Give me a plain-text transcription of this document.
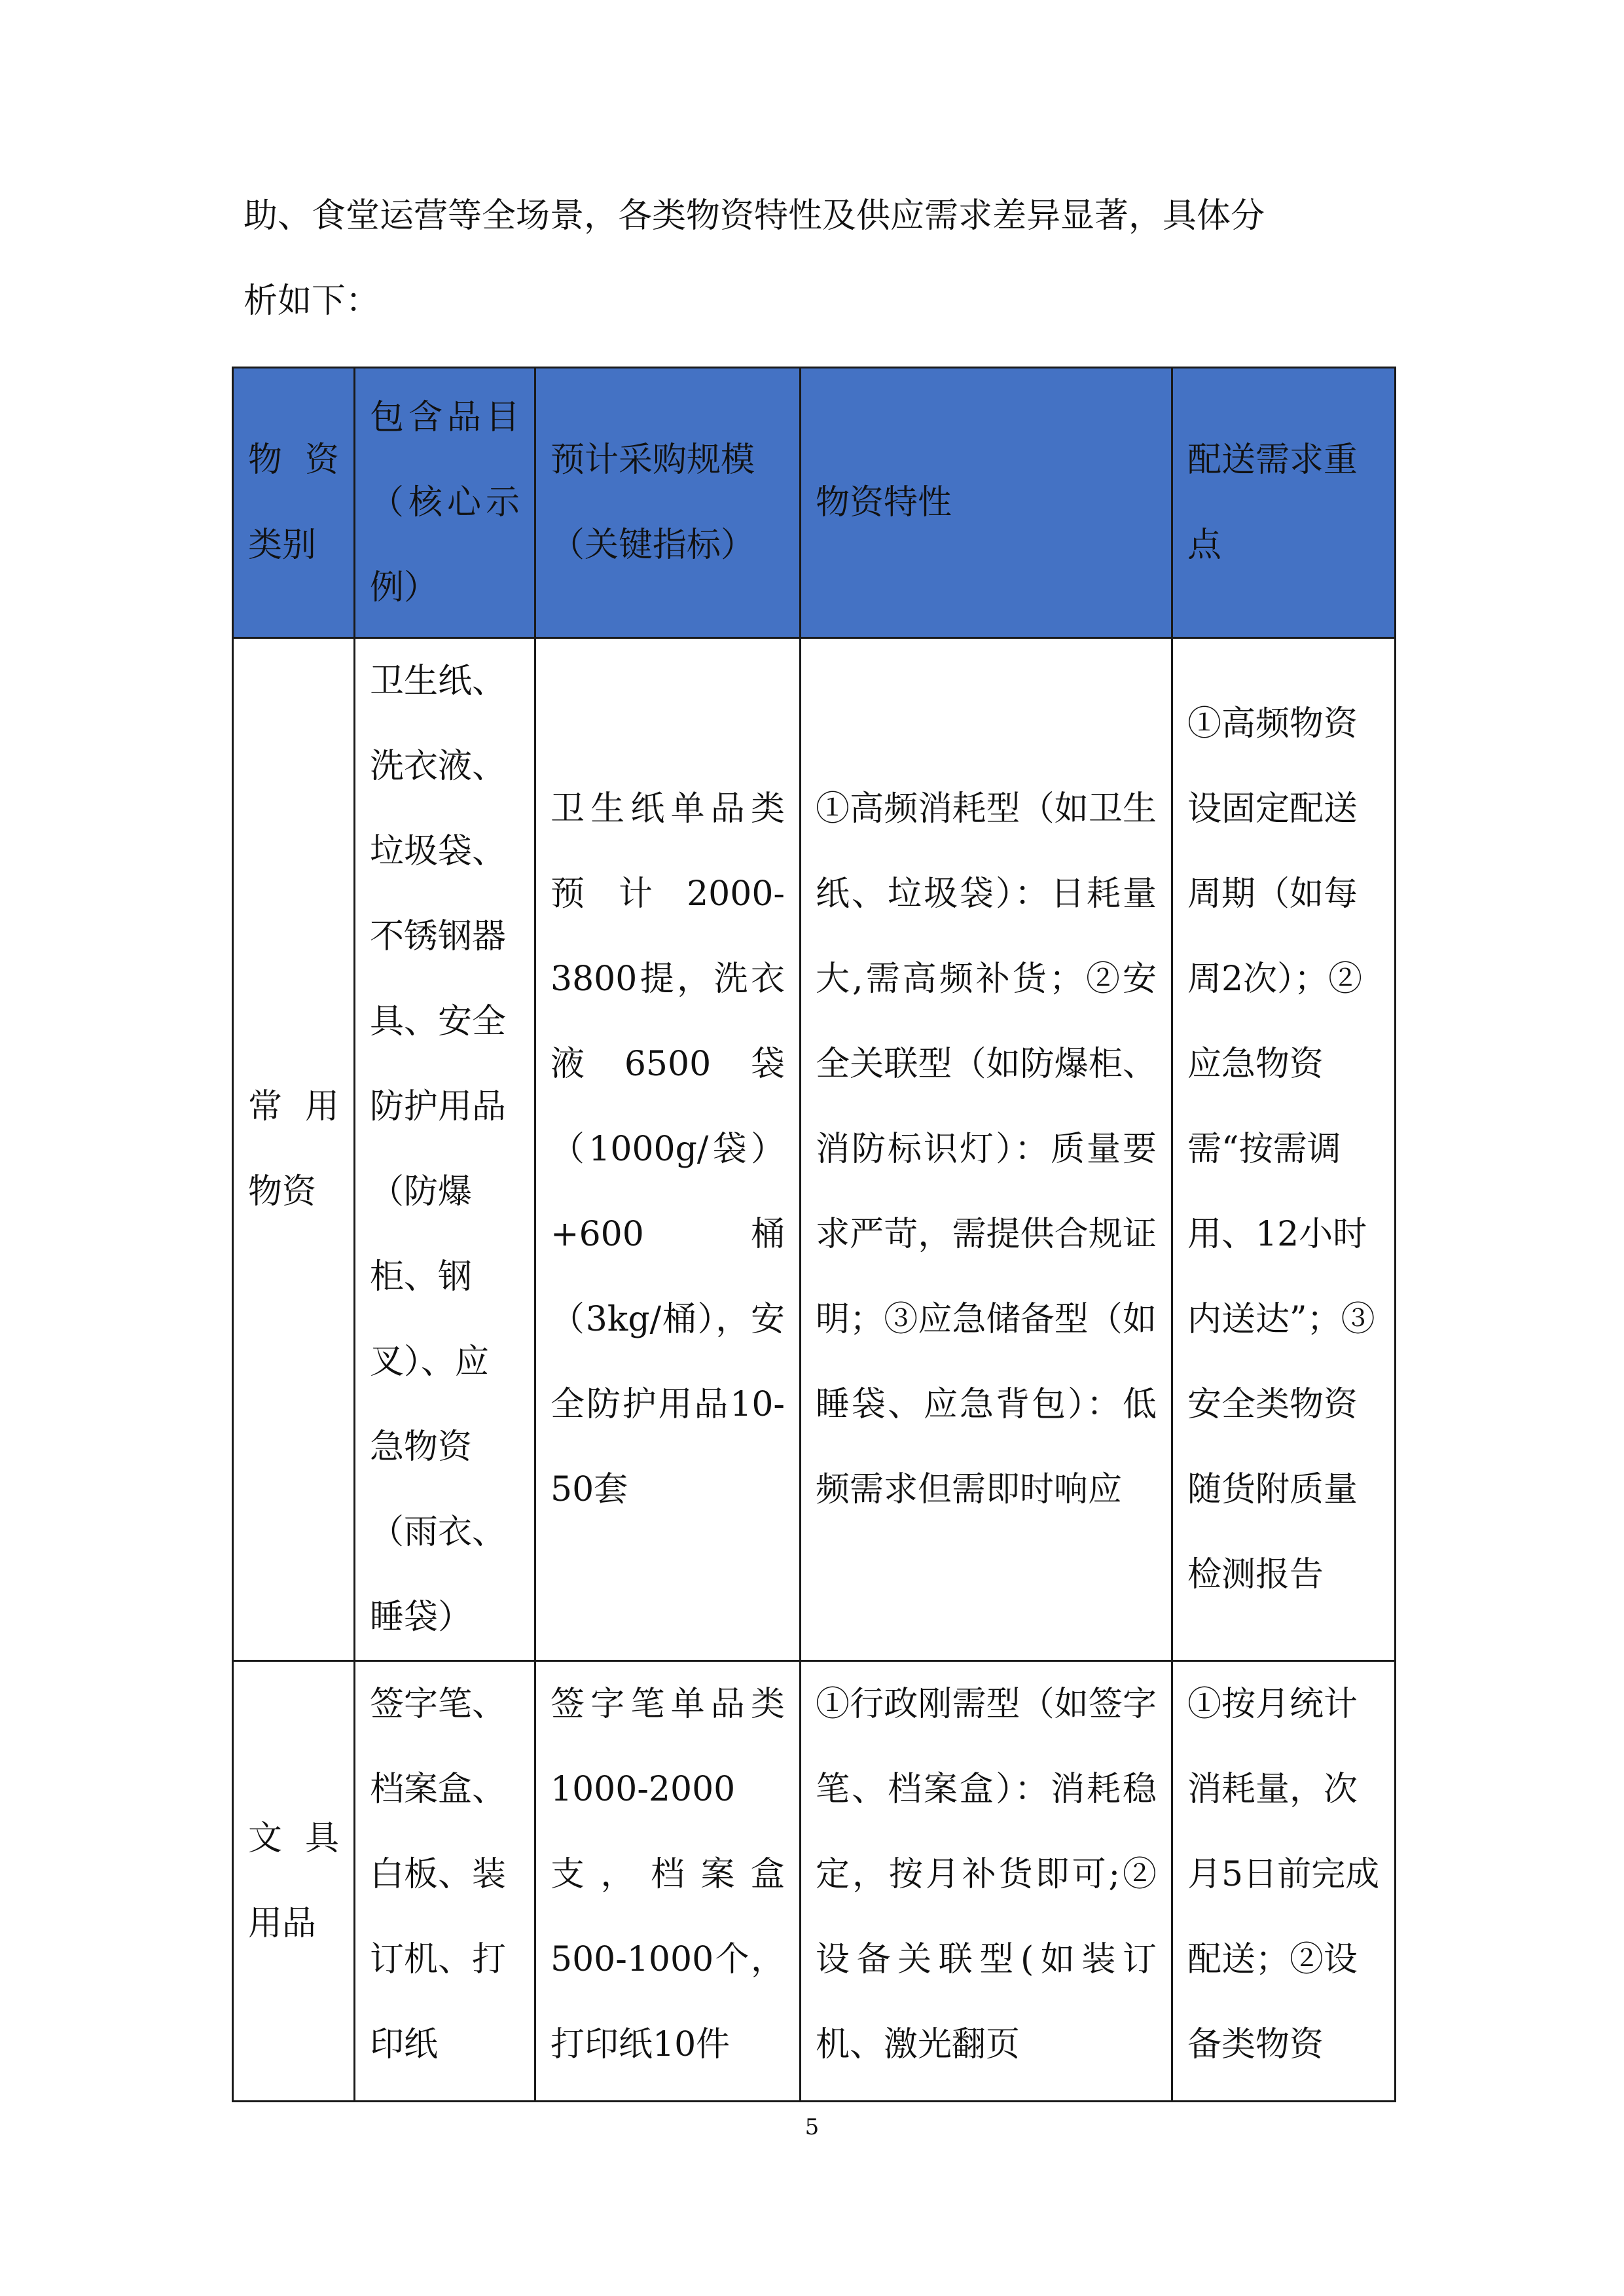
助、食堂运营等全场景，各类物资特性及供应需求差异显著，具体分
析如下：
物 资 类别	包含品目（核心示例）	预计采购规模（关键指标）	物资特性	配送需求重点
常 用 物资	卫生纸、洗衣液、垃圾袋、不锈钢器具、安全防护用品（防爆柜、钢叉）、应急物资（雨衣、睡袋）	卫生纸单品类预计2000-3800提，洗衣液6500袋（1000g/袋）+600桶（3kg/桶），安全防护用品10-50套	①高频消耗型（如卫生纸、垃圾袋）：日耗量大,需高频补货；②安全关联型（如防爆柜、消防标识灯）：质量要求严苛，需提供合规证明；③应急储备型（如睡袋、应急背包）：低频需求但需即时响应	①高频物资设固定配送周期（如每周2次）；②应急物资需“按需调用、12小时内送达”；③安全类物资随货附质量检测报告
文 具 用品	签字笔、档案盒、白板、装订机、打印纸	签字笔单品类1000-2000支，档案盒500-1000个，打印纸10件	①行政刚需型（如签字笔、档案盒）：消耗稳定，按月补货即可;②设备关联型(如装订机、激光翻页	①按月统计消耗量，次月5日前完成配送；②设备类物资
5
